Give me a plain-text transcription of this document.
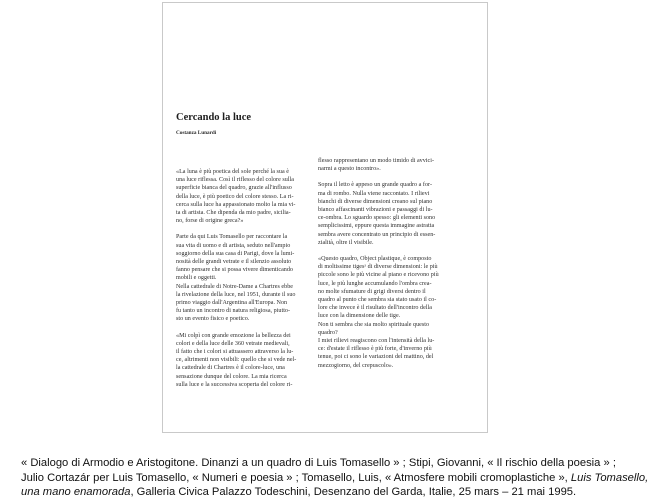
Cercando la luce
Costanza Lunardi
«La luna è più poetica del sole perché la sua è
una luce riflessa. Così il riflesso del colore sulla
superficie bianca del quadro, grazie all'influsso
della luce, è più poetico del colore stesso. La ri-
cerca sulla luce ha appassionato molto la mia vi-
ta di artista. Che dipenda da mio padre, sicilia-
no, forse di origine greca?»
Parte da qui Luis Tomasello per raccontare la
sua vita di uomo e di artista, seduto nell'ampio
soggiorno della sua casa di Parigi, dove la lumi-
nosità delle grandi vetrate e il silenzio assoluto
fanno pensare che si possa vivere dimenticando
mobili e oggetti.
Nella cattedrale di Notre-Dame a Chartres ebbe
la rivelazione della luce, nel 1951, durante il suo
primo viaggio dall'Argentina all'Europa. Non
fu tanto un incontro di natura religiosa, piutto-
sto un evento fisico e poetico.
«Mi colpì con grande emozione la bellezza dei
colori e della luce delle 360 vetrate medievali,
il fatto che i colori si attuassero attraverso la lu-
ce, altrimenti non visibili: quello che si vede nel-
la cattedrale di Chartres è il colore-luce, una
sensazione dunque del colore. La mia ricerca
sulla luce e la successiva scoperta del colore ri-
flesso rappresentano un modo timido di avvici-
narmi a questo incontro».
Sopra il letto è appeso un grande quadro a for-
ma di rombo. Nulla viene raccontato. I rilievi
bianchi di diverse dimensioni creano sul piano
bianco affascinanti vibrazioni e passaggi di lu-
ce-ombra. Lo sguardo spesso: gli elementi sono
semplicissimi, eppure questa immagine astratta
sembra avere concentrato un principio di essen-
zialità, oltre il visibile.
«Questo quadro, Object plastique, è composto
di moltissime tigesᵃ di diverse dimensioni: le più
piccole sono le più vicine al piano e ricevono più
luce, le più lunghe accumulando l'ombra crea-
no molte sfumature di grigi diversi dentro il
quadro al punto che sembra sia stato usato il co-
lore che invece è il risultato dell'incontro della
luce con la dimensione delle tige.
Non ti sembra che sia molto spirituale questo
quadro?
I miei rilievi reagiscono con l'intensità della lu-
ce: d'estate il riflesso è più forte, d'inverno più
tenue, poi ci sono le variazioni del mattino, del
mezzogiorno, del crepuscolo».
« Dialogo di Armodio e Aristogitone. Dinanzi a un quadro di Luis Tomasello » ; Stipi, Giovanni, « Il rischio della poesia » ;
Julio Cortazár per Luis Tomasello, « Numeri e poesia » ; Tomasello, Luis, « Atmosfere mobili cromoplastiche », Luis Tomasello,
una mano enamorada, Galleria Civica Palazzo Todeschini, Desenzano del Garda, Italie, 25 mars – 21 mai 1995.
